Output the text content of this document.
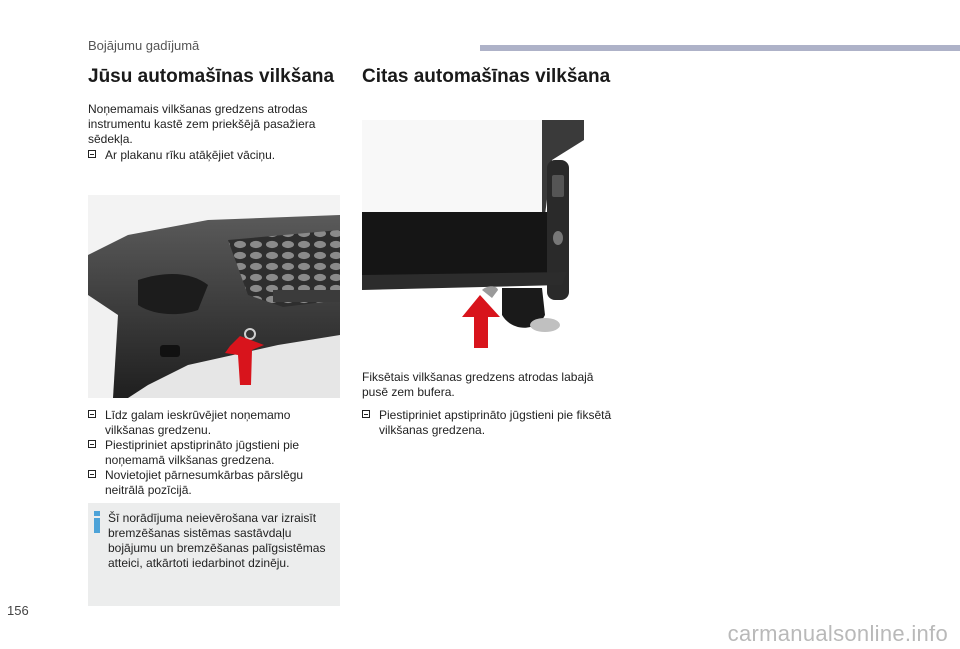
Bojājumu gadījumā
Jūsu automašīnas vilkšana Citas automašīnas vilkšana

Noņemamais vilkšanas gredzens atrodas instrumentu kastē zem priekšējā pasažiera sēdekļa.

Ar plakanu rīku atāķējiet vāciņu.
Līdz galam ieskrūvējiet noņemamo vilkšanas gredzenu.
Piestipriniet apstiprināto jūgstieni pie noņemamā vilkšanas gredzena.
Novietojiet pārnesumkārbas pārslēgu neitrālā pozīcijā.
Šī norādījuma neievērošana var izraisīt bremzēšanas sistēmas sastāvdaļu bojājumu un bremzēšanas palīgsistēmas atteici, atkārtoti iedarbinot dzinēju.

Fiksētais vilkšanas gredzens atrodas labajā pusē zem bufera.

Piestipriniet apstiprināto jūgstieni pie fiksētā vilkšanas gredzena.
156
carmanualsonline.info
